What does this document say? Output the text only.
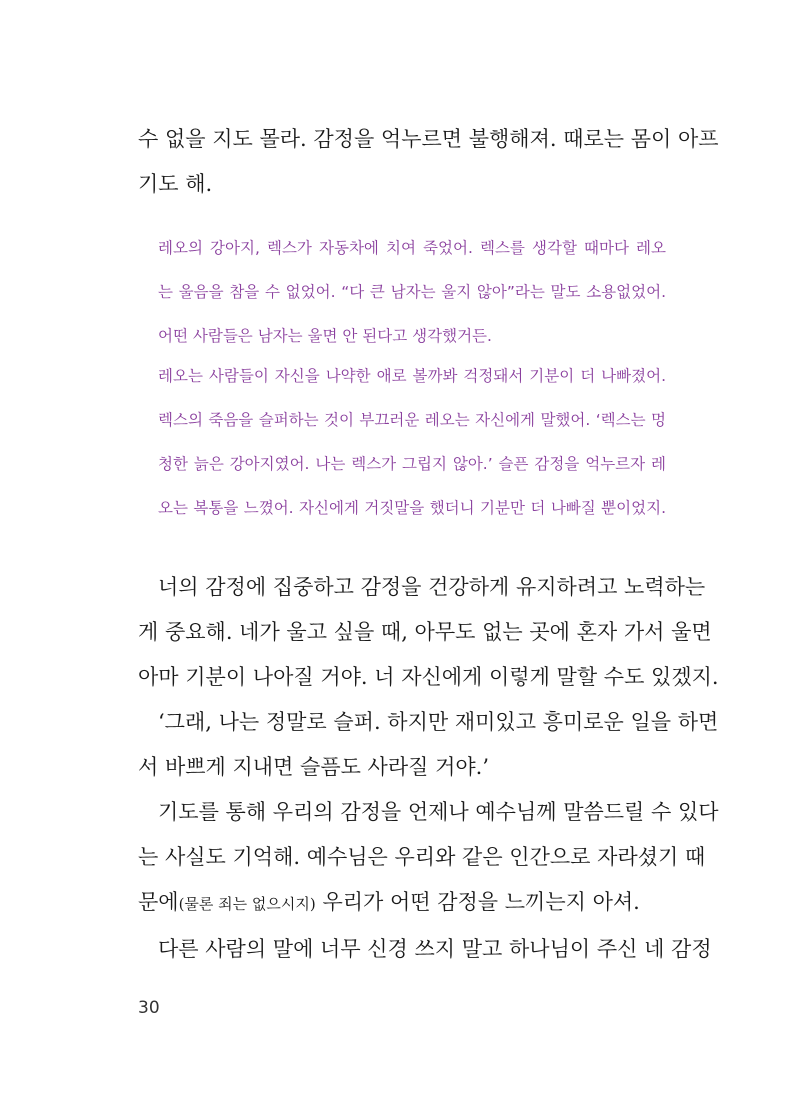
수 없을 지도 몰라. 감정을 억누르면 불행해져. 때로는 몸이 아프
기도 해.
레오의 강아지, 렉스가 자동차에 치여 죽었어. 렉스를 생각할 때마다 레오
는 울음을 참을 수 없었어. “다 큰 남자는 울지 않아”라는 말도 소용없었어.
어떤 사람들은 남자는 울면 안 된다고 생각했거든.
레오는 사람들이 자신을 나약한 애로 볼까봐 걱정돼서 기분이 더 나빠졌어.
렉스의 죽음을 슬퍼하는 것이 부끄러운 레오는 자신에게 말했어. ‘렉스는 멍
청한 늙은 강아지였어. 나는 렉스가 그립지 않아.’ 슬픈 감정을 억누르자 레
오는 복통을 느꼈어. 자신에게 거짓말을 했더니 기분만 더 나빠질 뿐이었지.
너의 감정에 집중하고 감정을 건강하게 유지하려고 노력하는
게 중요해. 네가 울고 싶을 때, 아무도 없는 곳에 혼자 가서 울면
아마 기분이 나아질 거야. 너 자신에게 이렇게 말할 수도 있겠지.
‘그래, 나는 정말로 슬퍼. 하지만 재미있고 흥미로운 일을 하면
서 바쁘게 지내면 슬픔도 사라질 거야.’
기도를 통해 우리의 감정을 언제나 예수님께 말씀드릴 수 있다
는 사실도 기억해. 예수님은 우리와 같은 인간으로 자라셨기 때
문에(물론 죄는 없으시지) 우리가 어떤 감정을 느끼는지 아셔.
다른 사람의 말에 너무 신경 쓰지 말고 하나님이 주신 네 감정
30
